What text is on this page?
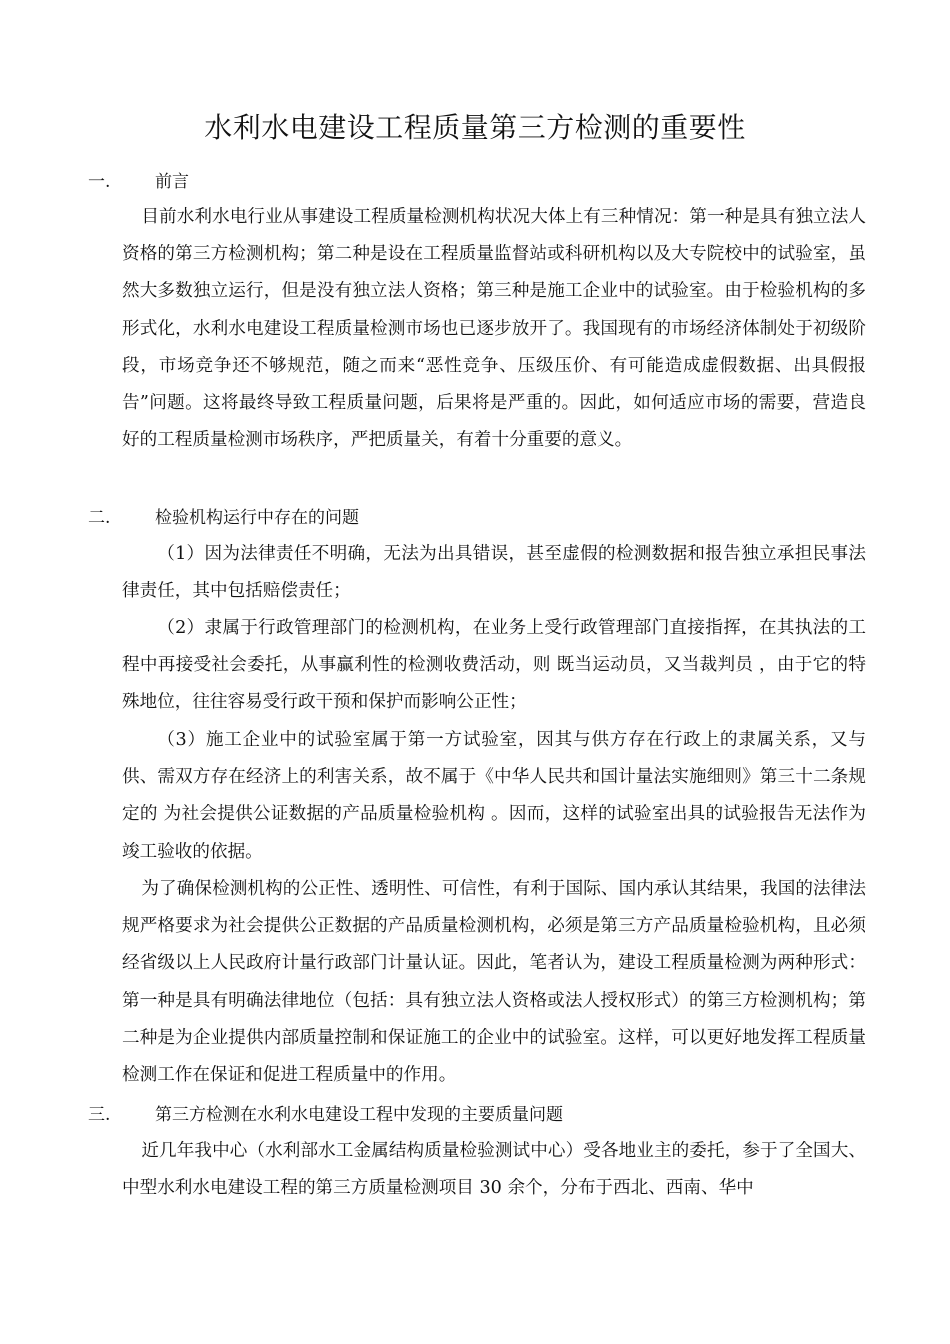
水利水电建设工程质量第三方检测的重要性
一.	前言
目前水利水电行业从事建设工程质量检测机构状况大体上有三种情况：第一种是具有独立法人资格的第三方检测机构；第二种是设在工程质量监督站或科研机构以及大专院校中的试验室，虽然大多数独立运行，但是没有独立法人资格；第三种是施工企业中的试验室。由于检验机构的多形式化，水利水电建设工程质量检测市场也已逐步放开了。我国现有的市场经济体制处于初级阶段，市场竞争还不够规范，随之而来“恶性竞争、压级压价、有可能造成虚假数据、出具假报告”问题。这将最终导致工程质量问题，后果将是严重的。因此，如何适应市场的需要，营造良好的工程质量检测市场秩序，严把质量关，有着十分重要的意义。
二.	检验机构运行中存在的问题
（1）因为法律责任不明确，无法为出具错误，甚至虚假的检测数据和报告独立承担民事法律责任，其中包括赔偿责任；
（2）隶属于行政管理部门的检测机构，在业务上受行政管理部门直接指挥，在其执法的工程中再接受社会委托，从事赢利性的检测收费活动，则 既当运动员，又当裁判员 ，由于它的特殊地位，往往容易受行政干预和保护而影响公正性；
（3）施工企业中的试验室属于第一方试验室，因其与供方存在行政上的隶属关系，又与供、需双方存在经济上的利害关系，故不属于《中华人民共和国计量法实施细则》第三十二条规定的 为社会提供公证数据的产品质量检验机构 。因而，这样的试验室出具的试验报告无法作为竣工验收的依据。
为了确保检测机构的公正性、透明性、可信性，有利于国际、国内承认其结果，我国的法律法规严格要求为社会提供公正数据的产品质量检测机构，必须是第三方产品质量检验机构，且必须经省级以上人民政府计量行政部门计量认证。因此，笔者认为，建设工程质量检测为两种形式：第一种是具有明确法律地位（包括：具有独立法人资格或法人授权形式）的第三方检测机构；第二种是为企业提供内部质量控制和保证施工的企业中的试验室。这样，可以更好地发挥工程质量检测工作在保证和促进工程质量中的作用。
三.	第三方检测在水利水电建设工程中发现的主要质量问题
近几年我中心（水利部水工金属结构质量检验测试中心）受各地业主的委托，参于了全国大、中型水利水电建设工程的第三方质量检测项目 30 余个，分布于西北、西南、华中
